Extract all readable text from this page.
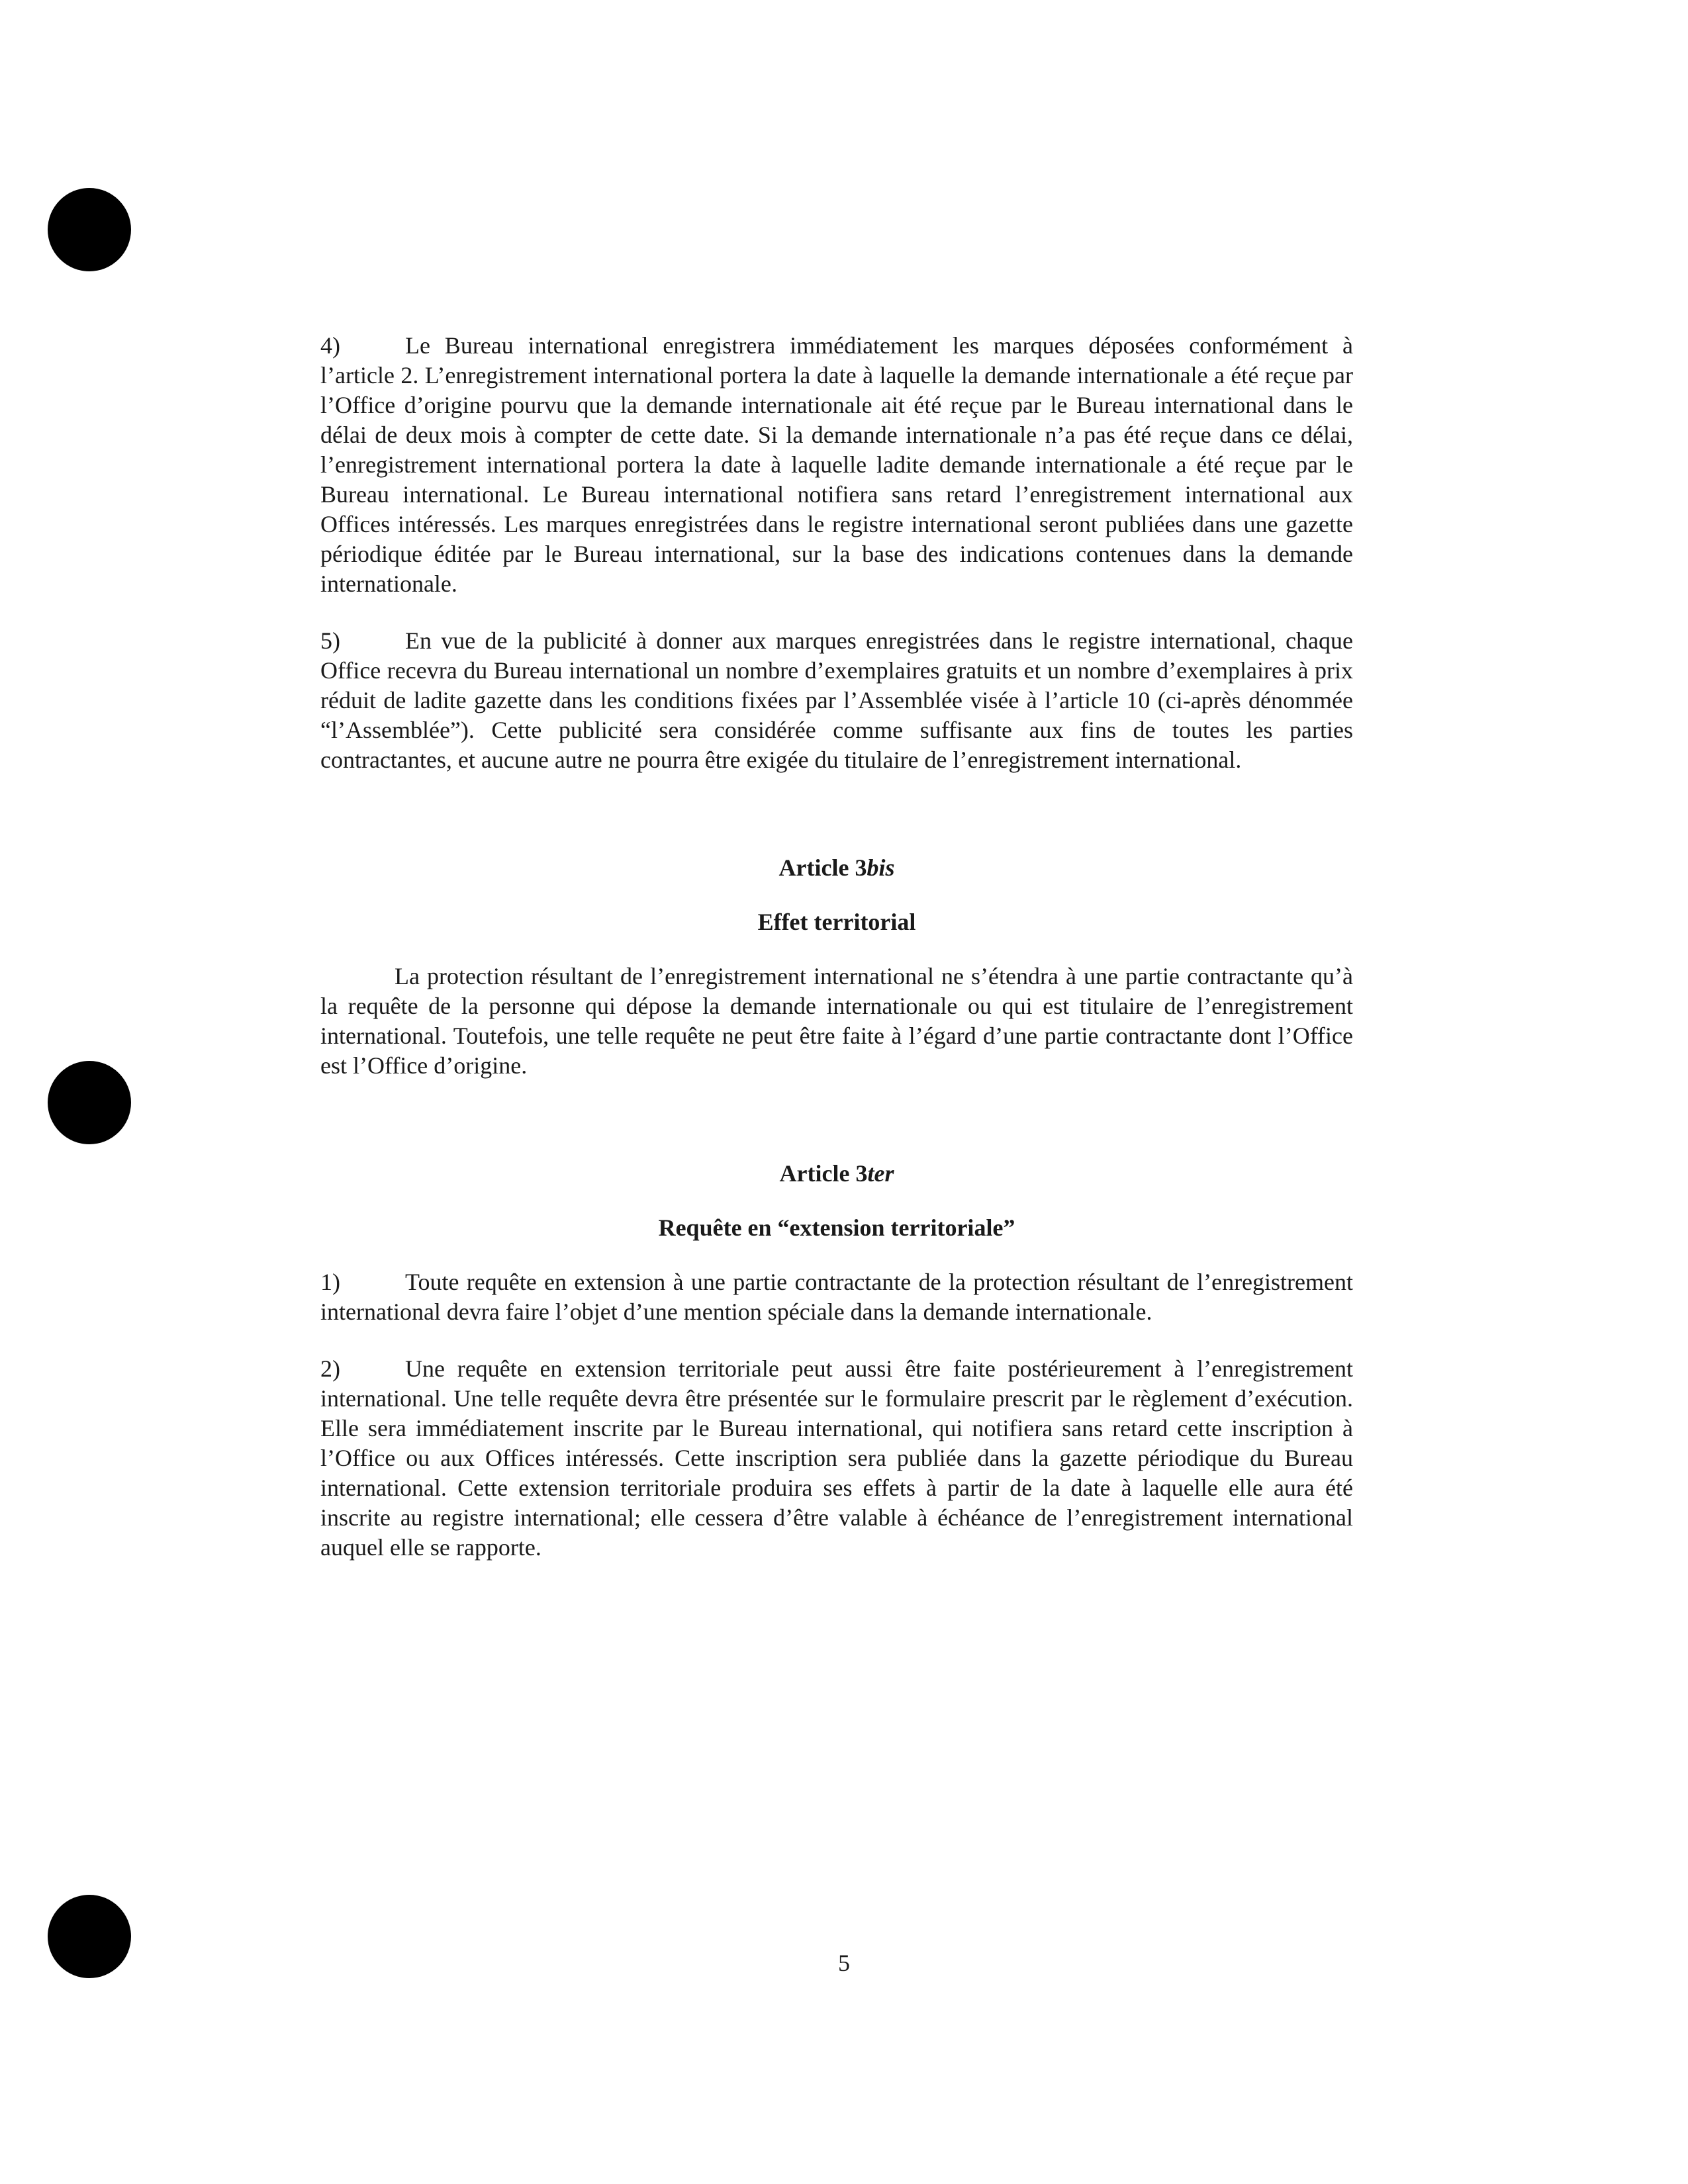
4)	Le Bureau international enregistrera immédiatement les marques déposées conformément à l’article 2. L’enregistrement international portera la date à laquelle la demande internationale a été reçue par l’Office d’origine pourvu que la demande internationale ait été reçue par le Bureau international dans le délai de deux mois à compter de cette date. Si la demande internationale n’a pas été reçue dans ce délai, l’enregistrement international portera la date à laquelle ladite demande internationale a été reçue par le Bureau international. Le Bureau international notifiera sans retard l’enregistrement international aux Offices intéressés. Les marques enregistrées dans le registre international seront publiées dans une gazette périodique éditée par le Bureau international, sur la base des indications contenues dans la demande internationale.

5)	En vue de la publicité à donner aux marques enregistrées dans le registre international, chaque Office recevra du Bureau international un nombre d’exemplaires gratuits et un nombre d’exemplaires à prix réduit de ladite gazette dans les conditions fixées par l’Assemblée visée à l’article 10 (ci-après dénommée “l’Assemblée”). Cette publicité sera considérée comme suffisante aux fins de toutes les parties contractantes, et aucune autre ne pourra être exigée du titulaire de l’enregistrement international.

Article 3bis

Effet territorial

La protection résultant de l’enregistrement international ne s’étendra à une partie contractante qu’à la requête de la personne qui dépose la demande internationale ou qui est titulaire de l’enregistrement international. Toutefois, une telle requête ne peut être faite à l’égard d’une partie contractante dont l’Office est l’Office d’origine.

Article 3ter

Requête en “extension territoriale”

1)	Toute requête en extension à une partie contractante de la protection résultant de l’enregistrement international devra faire l’objet d’une mention spéciale dans la demande internationale.

2)	Une requête en extension territoriale peut aussi être faite postérieurement à l’enregistrement international. Une telle requête devra être présentée sur le formulaire prescrit par le règlement d’exécution. Elle sera immédiatement inscrite par le Bureau international, qui notifiera sans retard cette inscription à l’Office ou aux Offices intéressés. Cette inscription sera publiée dans la gazette périodique du Bureau international. Cette extension territoriale produira ses effets à partir de la date à laquelle elle aura été inscrite au registre international; elle cessera d’être valable à échéance de l’enregistrement international auquel elle se rapporte.

5
